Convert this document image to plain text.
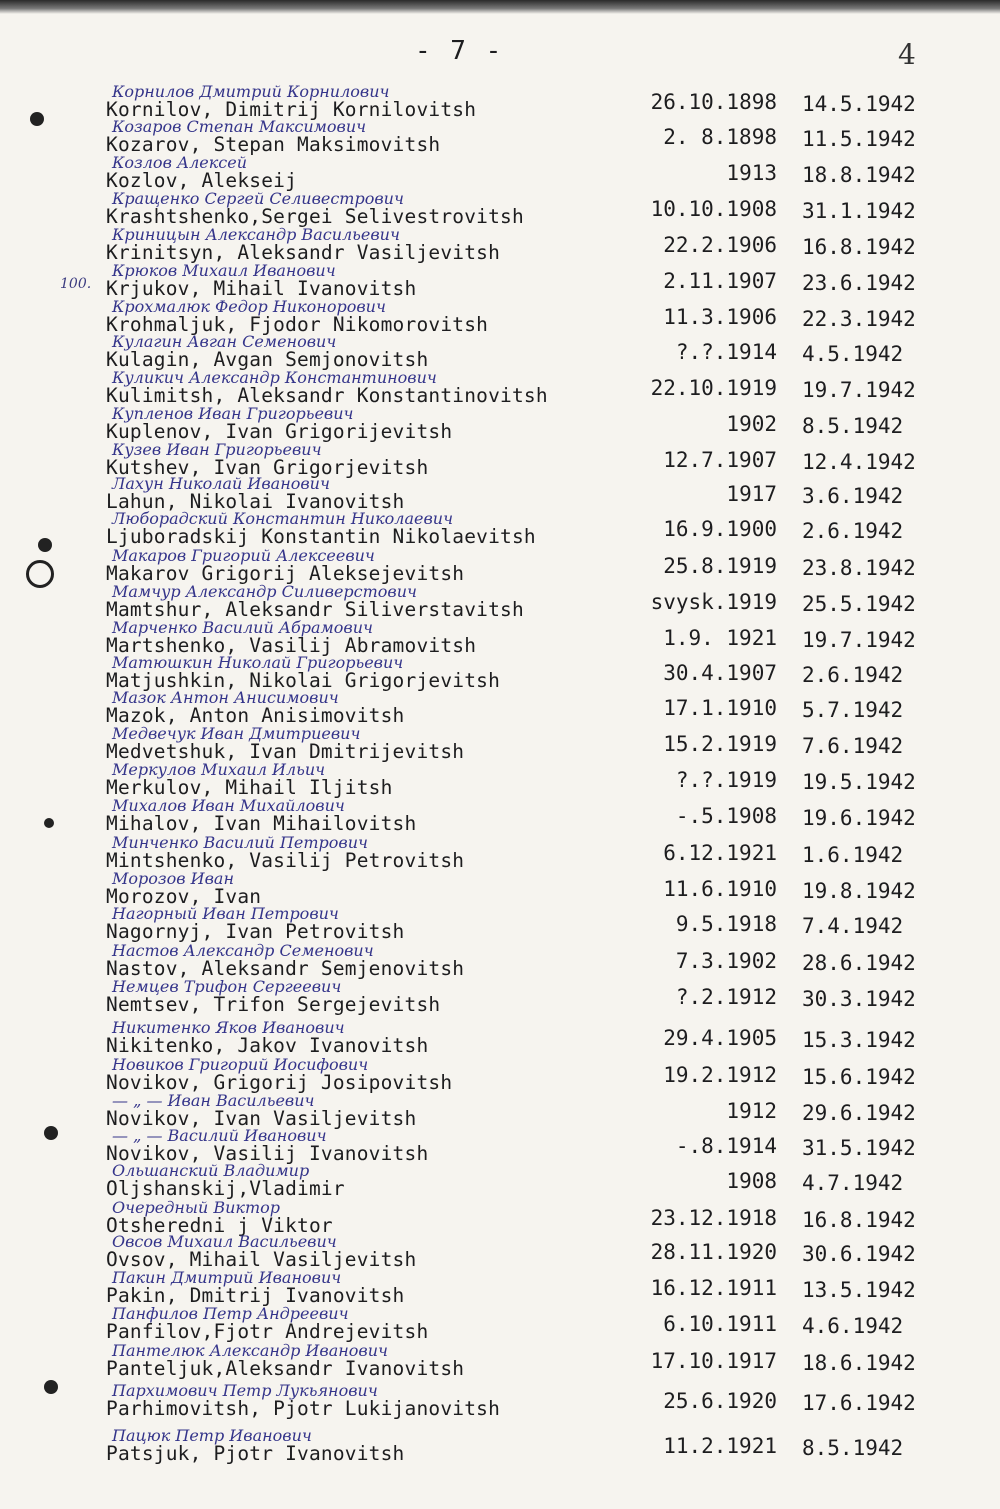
- 7 -	4
100.
Корнилов Дмитрий Корнилович
Kornilov, Dimitrij Kornilovitsh	26.10.1898 14.5.1942
Козаров Степан Максимович
Kozarov, Stepan Maksimovitsh	2. 8.1898 11.5.1942
Козлов Алексей
Kozlov, Alekseij	1913 18.8.1942
Кращенко Сергей Селивестрович
Krashtshenko,Sergei Selivestrovitsh	10.10.1908 31.1.1942
Криницын Александр Васильевич
Krinitsyn, Aleksandr Vasiljevitsh	22.2.1906 16.8.1942
Крюков Михаил Иванович
Krjukov, Mihail Ivanovitsh	2.11.1907 23.6.1942
Крохмалюк Федор Никонорович
Krohmaljuk, Fjodor Nikomorovitsh	11.3.1906 22.3.1942
Кулагин Авган Семенович
Kulagin, Avgan Semjonovitsh	?.?.1914 4.5.1942
Куликич Александр Константинович
Kulimitsh, Aleksandr Konstantinovitsh	22.10.1919 19.7.1942
Купленов Иван Григорьевич
Kuplenov, Ivan Grigorijevitsh	1902 8.5.1942
Кузев Иван Григорьевич
Kutshev, Ivan Grigorjevitsh	12.7.1907 12.4.1942
Лахун Николай Иванович
Lahun, Nikolai Ivanovitsh	1917 3.6.1942
Люборадский Константин Николаевич
Ljuboradskij Konstantin Nikolaevitsh	16.9.1900 2.6.1942
Макаров Григорий Алексеевич
Makarov Grigorij Aleksejevitsh	25.8.1919 23.8.1942
Мамчур Александр Силиверстович
Mamtshur, Aleksandr Siliverstavitsh	svysk.1919 25.5.1942
Марченко Василий Абрамович
Martshenko, Vasilij Abramovitsh	1.9. 1921 19.7.1942
Матюшкин Николай Григорьевич
Matjushkin, Nikolai Grigorjevitsh	30.4.1907 2.6.1942
Мазок Антон Анисимович
Mazok, Anton Anisimovitsh	17.1.1910 5.7.1942
Медвечук Иван Дмитриевич
Medvetshuk, Ivan Dmitrijevitsh	15.2.1919 7.6.1942
Меркулов Михаил Ильич
Merkulov, Mihail Iljitsh	?.?.1919 19.5.1942
Михалов Иван Михайлович
Mihalov, Ivan Mihailovitsh	-.5.1908 19.6.1942
Минченко Василий Петрович
Mintshenko, Vasilij Petrovitsh	6.12.1921 1.6.1942
Морозов Иван
Morozov, Ivan	11.6.1910 19.8.1942
Нагорный Иван Петрович
Nagornyj, Ivan Petrovitsh	9.5.1918 7.4.1942
Настов Александр Семенович
Nastov, Aleksandr Semjenovitsh	7.3.1902 28.6.1942
Немцев Трифон Сергеевич
Nemtsev, Trifon Sergejevitsh	?.2.1912 30.3.1942
Никитенко Яков Иванович
Nikitenko, Jakov Ivanovitsh	29.4.1905 15.3.1942
Новиков Григорий Иосифович
Novikov, Grigorij Josipovitsh	19.2.1912 15.6.1942
— „ — Иван Васильевич
Novikov, Ivan Vasiljevitsh	1912 29.6.1942
— „ — Василий Иванович
Novikov, Vasilij Ivanovitsh	-.8.1914 31.5.1942
Ольшанский Владимир
Oljshanskij,Vladimir	1908 4.7.1942
Очередный Виктор
Otsheredni j Viktor	23.12.1918 16.8.1942
Овсов Михаил Васильевич
Ovsov, Mihail Vasiljevitsh	28.11.1920 30.6.1942
Пакин Дмитрий Иванович
Pakin, Dmitrij Ivanovitsh	16.12.1911 13.5.1942
Панфилов Петр Андреевич
Panfilov,Fjotr Andrejevitsh	6.10.1911 4.6.1942
Пантелюк Александр Иванович
Panteljuk,Aleksandr Ivanovitsh	17.10.1917 18.6.1942
Пархимович Петр Лукьянович
Parhimovitsh, Pjotr Lukijanovitsh	25.6.1920 17.6.1942
Пацюк Петр Иванович
Patsjuk, Pjotr Ivanovitsh	11.2.1921 8.5.1942
